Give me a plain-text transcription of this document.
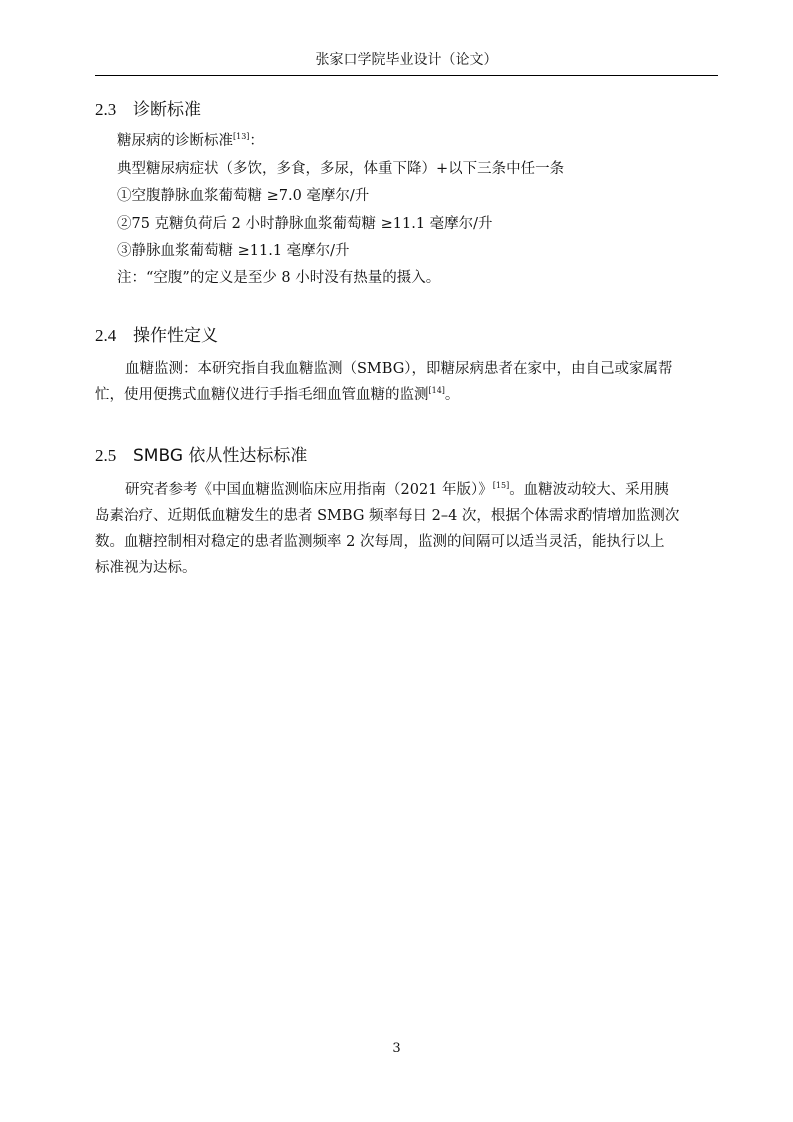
张家口学院毕业设计（论文）
2.3 诊断标准
糖尿病的诊断标准[13]：
典型糖尿病症状（多饮，多食，多尿，体重下降）+以下三条中任一条
①空腹静脉血浆葡萄糖 ≥7.0 毫摩尔/升
②75 克糖负荷后 2 小时静脉血浆葡萄糖 ≥11.1 毫摩尔/升
③静脉血浆葡萄糖 ≥11.1 毫摩尔/升
注：“空腹”的定义是至少 8 小时没有热量的摄入。
2.4 操作性定义
血糖监测：本研究指自我血糖监测（SMBG），即糖尿病患者在家中，由自己或家属帮
忙，使用便携式血糖仪进行手指毛细血管血糖的监测[14]。
2.5 SMBG 依从性达标标准
研究者参考《中国血糖监测临床应用指南（2021 年版）》[15]。血糖波动较大、采用胰
岛素治疗、近期低血糖发生的患者 SMBG 频率每日 2–4 次，根据个体需求酌情增加监测次
数。血糖控制相对稳定的患者监测频率 2 次每周，监测的间隔可以适当灵活，能执行以上
标准视为达标。
3
